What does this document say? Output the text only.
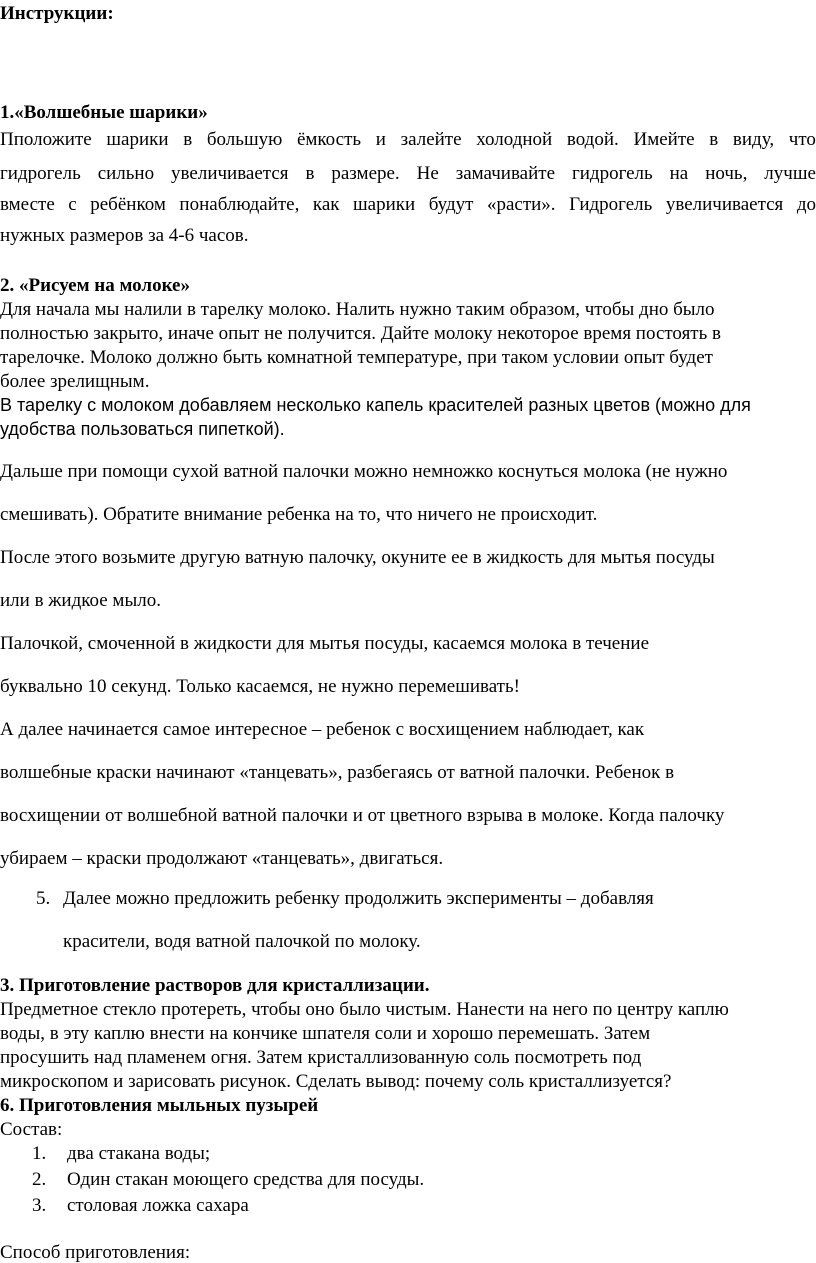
Инструкции:
1.«Волшебные шарики»
Пположите шарики в большую ёмкость и залейте холодной водой. Имейте в виду, что
гидрогель сильно увеличивается в размере. Не замачивайте гидрогель на ночь, лучше
вместе с ребёнком понаблюдайте, как шарики будут «расти». Гидрогель увеличивается до
нужных размеров за 4-6 часов.
2. «Рисуем на молоке»
Для начала мы налили в тарелку молоко. Налить нужно таким образом, чтобы дно было
полностью закрыто, иначе опыт не получится. Дайте молоку некоторое время постоять в
тарелочке. Молоко должно быть комнатной температуре, при таком условии опыт будет
более зрелищным.
В тарелку с молоком добавляем несколько капель красителей разных цветов (можно для
удобства пользоваться пипеткой).
Дальше при помощи сухой ватной палочки можно немножко коснуться молока (не нужно
смешивать). Обратите внимание ребенка на то, что ничего не происходит.
После этого возьмите другую ватную палочку, окуните ее в жидкость для мытья посуды
или в жидкое мыло.
Палочкой, смоченной в жидкости для мытья посуды, касаемся молока в течение
буквально 10 секунд. Только касаемся, не нужно перемешивать!
А далее начинается самое интересное – ребенок с восхищением наблюдает, как
волшебные краски начинают «танцевать», разбегаясь от ватной палочки. Ребенок в
восхищении от волшебной ватной палочки и от цветного взрыва в молоке. Когда палочку
убираем – краски продолжают «танцевать», двигаться.
5. Далее можно предложить ребенку продолжить эксперименты – добавляя
красители, водя ватной палочкой по молоку.
3. Приготовление растворов для кристаллизации.
Предметное стекло протереть, чтобы оно было чистым. Нанести на него по центру каплю
воды, в эту каплю внести на кончике шпателя соли и хорошо перемешать. Затем
просушить над пламенем огня. Затем кристаллизованную соль посмотреть под
микроскопом и зарисовать рисунок. Сделать вывод: почему соль кристаллизуется?
6. Приготовления мыльных пузырей
Состав:
1. два стакана воды;
2. Один стакан моющего средства для посуды.
3. столовая ложка сахара
Способ приготовления:
